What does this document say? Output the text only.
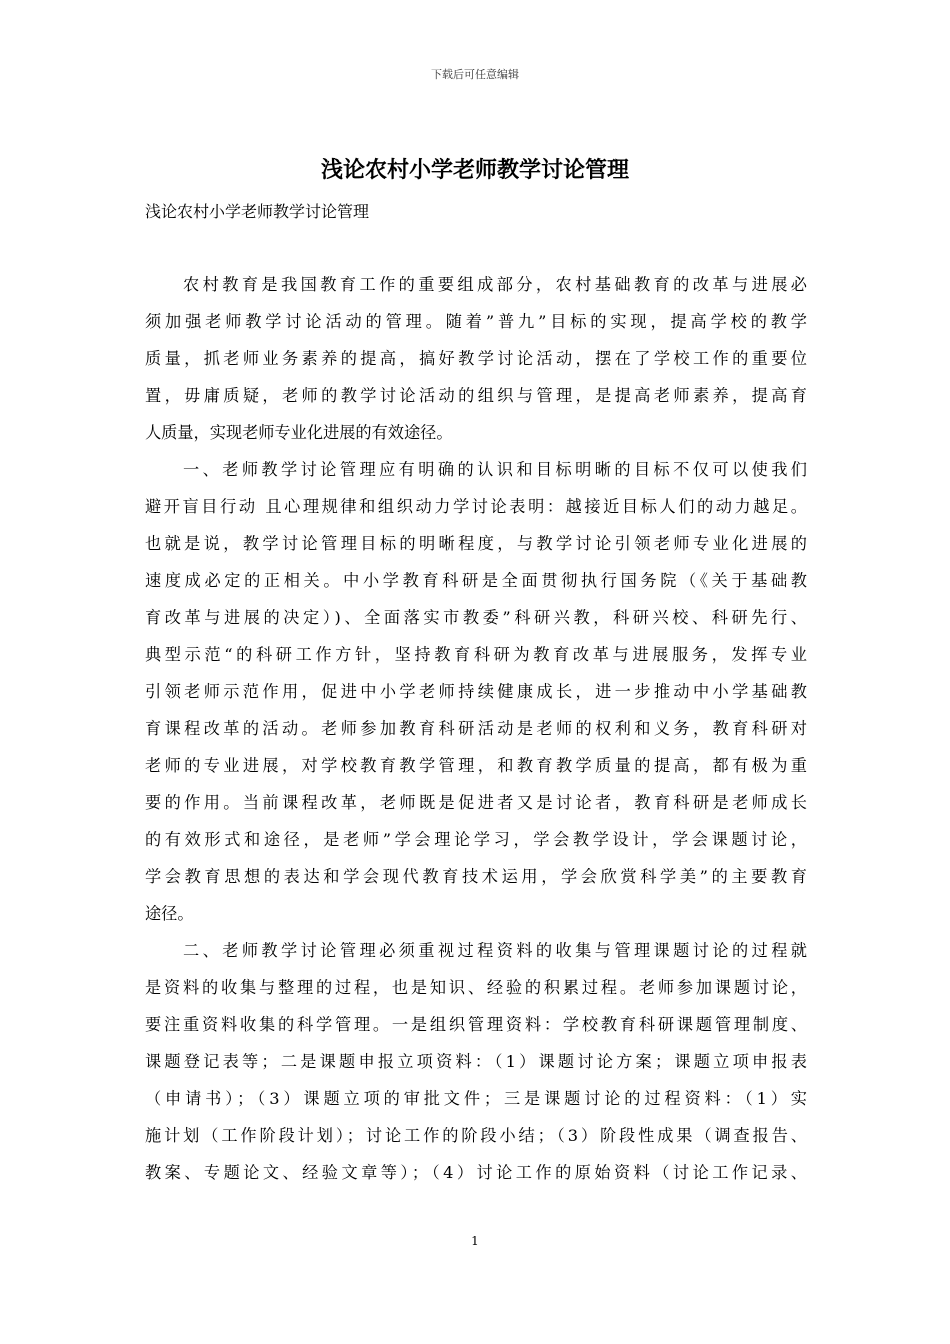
下载后可任意编辑
浅论农村小学老师教学讨论管理
浅论农村小学老师教学讨论管理
农村教育是我国教育工作的重要组成部分，农村基础教育的改革与进展必
须加强老师教学讨论活动的管理。随着”普九”目标的实现，提高学校的教学
质量，抓老师业务素养的提高，搞好教学讨论活动，摆在了学校工作的重要位
置，毋庸质疑，老师的教学讨论活动的组织与管理，是提高老师素养，提高育
人质量，实现老师专业化进展的有效途径。
一、老师教学讨论管理应有明确的认识和目标明晰的目标不仅可以使我们
避开盲目行动 且心理规律和组织动力学讨论表明：越接近目标人们的动力越足。
也就是说，教学讨论管理目标的明晰程度，与教学讨论引领老师专业化进展的
速度成必定的正相关。中小学教育科研是全面贯彻执行国务院（《关于基础教
育改革与进展的决定）)、全面落实市教委”科研兴教，科研兴校、科研先行、
典型示范“的科研工作方针，坚持教育科研为教育改革与进展服务，发挥专业
引领老师示范作用，促进中小学老师持续健康成长，进一步推动中小学基础教
育课程改革的活动。老师参加教育科研活动是老师的权利和义务，教育科研对
老师的专业进展，对学校教育教学管理，和教育教学质量的提高，都有极为重
要的作用。当前课程改革，老师既是促进者又是讨论者，教育科研是老师成长
的有效形式和途径，是老师”学会理论学习，学会教学设计，学会课题讨论，
学会教育思想的表达和学会现代教育技术运用，学会欣赏科学美”的主要教育
途径。
二、老师教学讨论管理必须重视过程资料的收集与管理课题讨论的过程就
是资料的收集与整理的过程，也是知识、经验的积累过程。老师参加课题讨论，
要注重资料收集的科学管理。一是组织管理资料：学校教育科研课题管理制度、
课题登记表等；二是课题申报立项资料：（1）课题讨论方案；课题立项申报表
（申请书）；（3）课题立项的审批文件；三是课题讨论的过程资料：（1）实
施计划（工作阶段计划）；讨论工作的阶段小结；（3）阶段性成果（调查报告、
教案、专题论文、经验文章等）；（4）讨论工作的原始资料（讨论工作记录、
1
